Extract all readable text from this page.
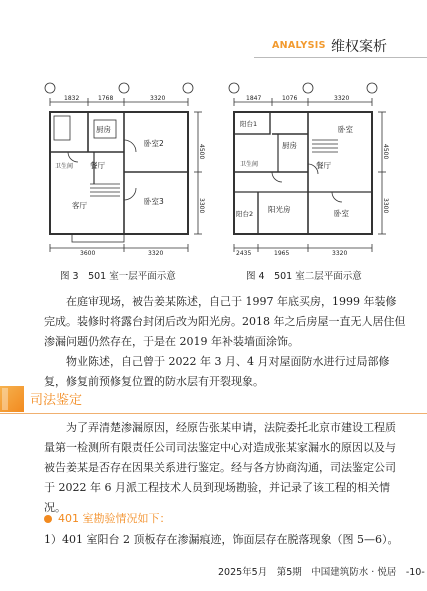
ANALYSIS 维权案析
1832	1768	3320
3600	3320
4500
3300
厨房
餐厅
卧室2
卧室3
客厅
卫生间
图 3　501 室一层平面示意
1847	1076	3320
2435	1965	3320
4500
3300
阳台1
厨房
卫生间	餐厅
阳台2
卧室
阳光房	卧室
图 4　501 室二层平面示意

在庭审现场，被告姜某陈述，自己于 1997 年底买房，1999 年装修完成。装修时将露台封闭后改为阳光房。2018 年之后房屋一直无人居住但渗漏问题仍然存在，于是在 2019 年补装墙面涂饰。

物业陈述，自己曾于 2022 年 3 月、4 月对屋面防水进行过局部修复，修复前预修复位置的防水层有开裂现象。

司法鉴定

为了弄清楚渗漏原因，经原告张某申请，法院委托北京市建设工程质量第一检测所有限责任公司司法鉴定中心对造成张某家漏水的原因以及与被告姜某是否存在因果关系进行鉴定。经与各方协商沟通，司法鉴定公司于 2022 年 6 月派工程技术人员到现场勘验，并记录了该工程的相关情况。

401 室勘验情况如下：

1）401 室阳台 2 顶板存在渗漏痕迹，饰面层存在脱落现象（图 5—6）。

2025年5月　第5期　中国建筑防水 · 悦居　-10-
